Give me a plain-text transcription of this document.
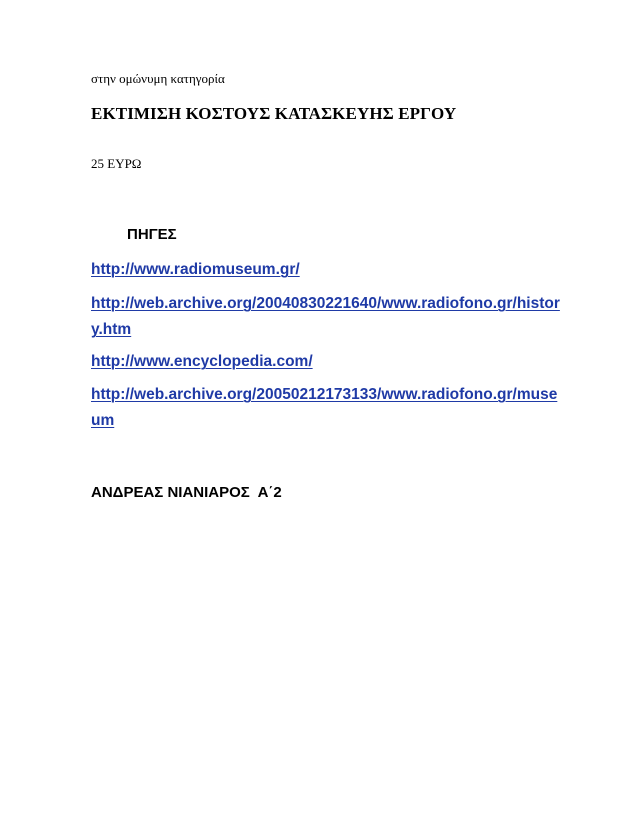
στην ομώνυμη κατηγορία

ΕΚΤΙΜΙΣΗ ΚΟΣΤΟΥΣ ΚΑΤΑΣΚΕΥΗΣ ΕΡΓΟΥ

25 ΕΥΡΩ

ΠΗΓΕΣ

http://www.radiomuseum.gr/
http://web.archive.org/20040830221640/www.radiofono.gr/history.htm
http://www.encyclopedia.com/
http://web.archive.org/20050212173133/www.radiofono.gr/museum

ΑΝΔΡΕΑΣ ΝΙΑΝΙΑΡΟΣ  Α΄2
